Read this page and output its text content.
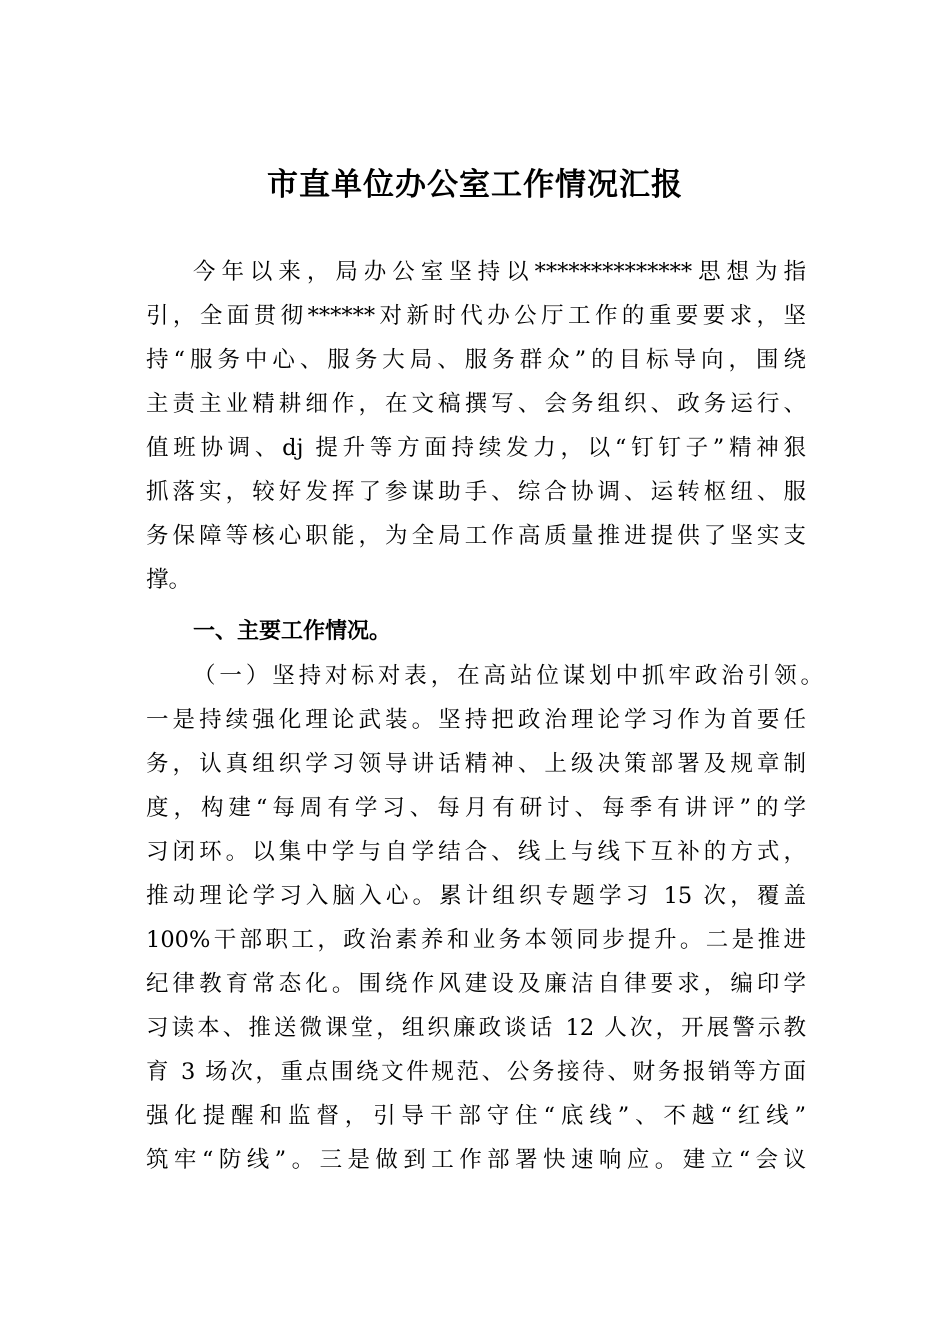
市直单位办公室工作情况汇报
今年以来，局办公室坚持以**************思想为指
引，全面贯彻******对新时代办公厅工作的重要要求，坚
持“服务中心、服务大局、服务群众”的目标导向，围绕
主责主业精耕细作，在文稿撰写、会务组织、政务运行、
值班协调、dj 提升等方面持续发力，以“钉钉子”精神狠
抓落实，较好发挥了参谋助手、综合协调、运转枢纽、服
务保障等核心职能，为全局工作高质量推进提供了坚实支
撑。
一、主要工作情况。
（一）坚持对标对表，在高站位谋划中抓牢政治引领。
一是持续强化理论武装。坚持把政治理论学习作为首要任
务，认真组织学习领导讲话精神、上级决策部署及规章制
度，构建“每周有学习、每月有研讨、每季有讲评”的学
习闭环。以集中学与自学结合、线上与线下互补的方式，
推动理论学习入脑入心。累计组织专题学习 15 次，覆盖
100%干部职工，政治素养和业务本领同步提升。二是推进
纪律教育常态化。围绕作风建设及廉洁自律要求，编印学
习读本、推送微课堂，组织廉政谈话 12 人次，开展警示教
育 3 场次，重点围绕文件规范、公务接待、财务报销等方面
强化提醒和监督，引导干部守住“底线”、不越“红线”
筑牢“防线”。三是做到工作部署快速响应。建立“会议
